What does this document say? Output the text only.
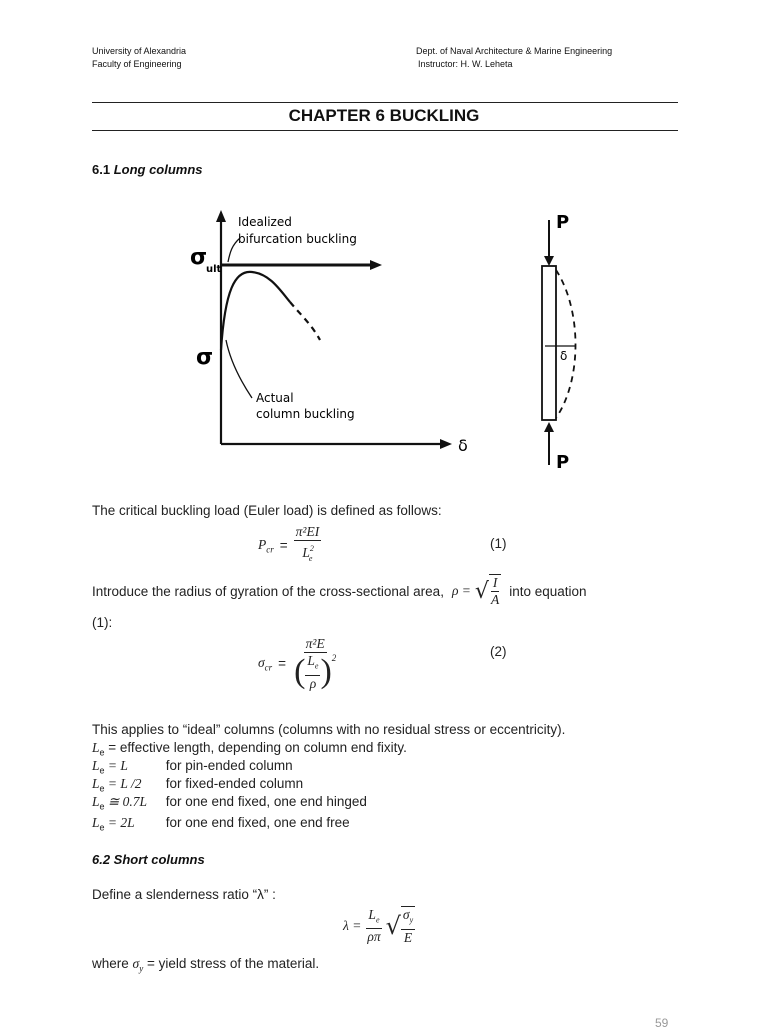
University of Alexandria
Faculty of Engineering
Dept. of Naval Architecture & Marine Engineering
Instructor: H. W. Leheta
CHAPTER 6 BUCKLING
6.1 Long columns
Idealized
bifurcation buckling
Actual
column buckling
σ
ult
σ
δ
P
P
δ
The critical buckling load (Euler load) is defined as follows:
$P_{cr} = \frac{\text{π²EI}}{L^2_e}$	(1)
Introduce the radius of gyration of the cross-sectional area, ρ = √ $\frac{I}{A}$ into equation
(1):
$\sigma_{cr} = \frac{\text{π²E}}{( \frac{L_e}{\rho} )^2}$	(2)
This applies to “ideal” columns (columns with no residual stress or eccentricity).
$L_e$ = effective length, depending on column end fixity.
$L_e = L$	for pin-ended column
$L_e = L$ /2 for fixed-ended column
$L_e$ ≅ 0.7L for one end fixed, one end hinged
$L_e = 2L$ for one end fixed, one end free
6.2 Short columns
Define a slenderness ratio “λ” :
$\lambda = \frac{L_e}{\rho\pi}$ √ $\frac{\sigma_y}{E}$
where $\sigma_y$ = yield stress of the material.
59
